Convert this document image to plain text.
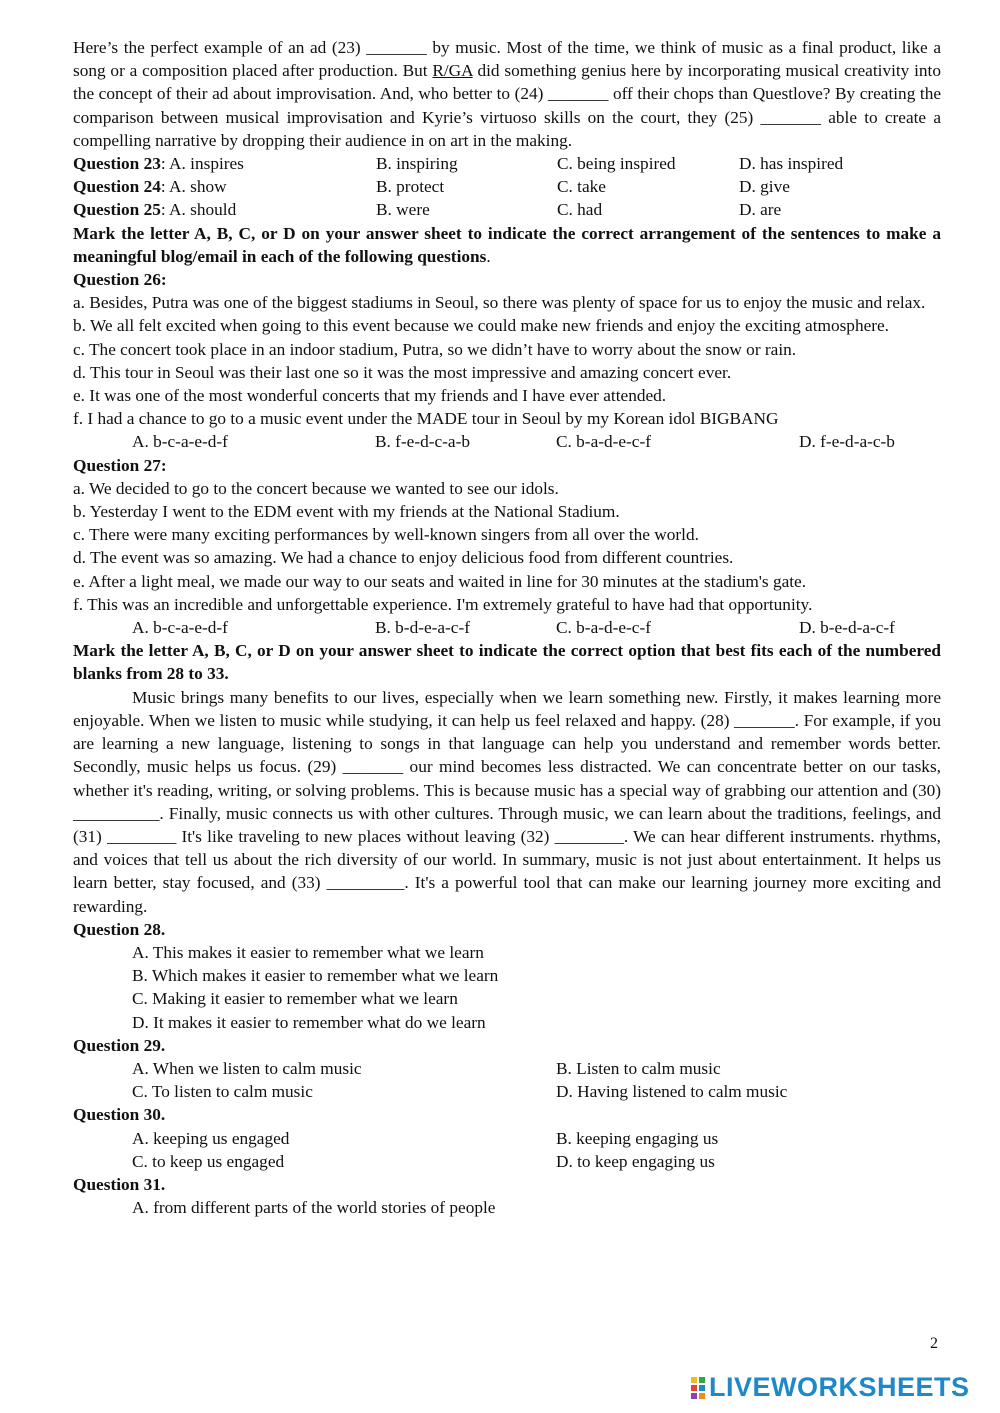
Here’s the perfect example of an ad (23) _______ by music. Most of the time, we think of music as a final product, like a song or a composition placed after production. But R/GA did something genius here by incorporating musical creativity into the concept of their ad about improvisation. And, who better to (24) _______ off their chops than Questlove? By creating the comparison between musical improvisation and Kyrie’s virtuoso skills on the court, they (25) _______ able to create a compelling narrative by dropping their audience in on art in the making.

Question 23: A. inspires	B. inspiring	C. being inspired	D. has inspired
Question 24: A. show	B. protect	C. take	D. give
Question 25: A. should	B. were	C. had	D. are

Mark the letter A, B, C, or D on your answer sheet to indicate the correct arrangement of the sentences to make a meaningful blog/email in each of the following questions.

Question 26:

a. Besides, Putra was one of the biggest stadiums in Seoul, so there was plenty of space for us to enjoy the music and relax.

b. We all felt excited when going to this event because we could make new friends and enjoy the exciting atmosphere.

c. The concert took place in an indoor stadium, Putra, so we didn’t have to worry about the snow or rain.

d. This tour in Seoul was their last one so it was the most impressive and amazing concert ever.

e. It was one of the most wonderful concerts that my friends and I have ever attended.

f. I had a chance to go to a music event under the MADE tour in Seoul by my Korean idol BIGBANG

A. b-c-a-e-d-f	B. f-e-d-c-a-b	C. b-a-d-e-c-f	D. f-e-d-a-c-b
Question 27:

a. We decided to go to the concert because we wanted to see our idols.

b. Yesterday I went to the EDM event with my friends at the National Stadium.

c. There were many exciting performances by well-known singers from all over the world.

d. The event was so amazing. We had a chance to enjoy delicious food from different countries.

e. After a light meal, we made our way to our seats and waited in line for 30 minutes at the stadium's gate.

f. This was an incredible and unforgettable experience. I'm extremely grateful to have had that opportunity.

A. b-c-a-e-d-f	B. b-d-e-a-c-f	C. b-a-d-e-c-f	D. b-e-d-a-c-f

Mark the letter A, B, C, or D on your answer sheet to indicate the correct option that best fits each of the numbered blanks from 28 to 33.

Music brings many benefits to our lives, especially when we learn something new. Firstly, it makes learning more enjoyable. When we listen to music while studying, it can help us feel relaxed and happy. (28) _______. For example, if you are learning a new language, listening to songs in that language can help you understand and remember words better. Secondly, music helps us focus. (29) _______ our mind becomes less distracted. We can concentrate better on our tasks, whether it's reading, writing, or solving problems. This is because music has a special way of grabbing our attention and (30) __________. Finally, music connects us with other cultures. Through music, we can learn about the traditions, feelings, and (31) ________ It's like traveling to new places without leaving (32) ________. We can hear different instruments. rhythms, and voices that tell us about the rich diversity of our world. In summary, music is not just about entertainment. It helps us learn better, stay focused, and (33) _________. It's a powerful tool that can make our learning journey more exciting and rewarding.

Question 28.
A. This makes it easier to remember what we learn
B. Which makes it easier to remember what we learn
C. Making it easier to remember what we learn
D. It makes it easier to remember what do we learn
Question 29.
A. When we listen to calm music	B. Listen to calm music
C. To listen to calm music	D. Having listened to calm music
Question 30.
A. keeping us engaged	B. keeping engaging us
C. to keep us engaged	D. to keep engaging us
Question 31.
A. from different parts of the world stories of people
2
LIVEWORKSHEETS
